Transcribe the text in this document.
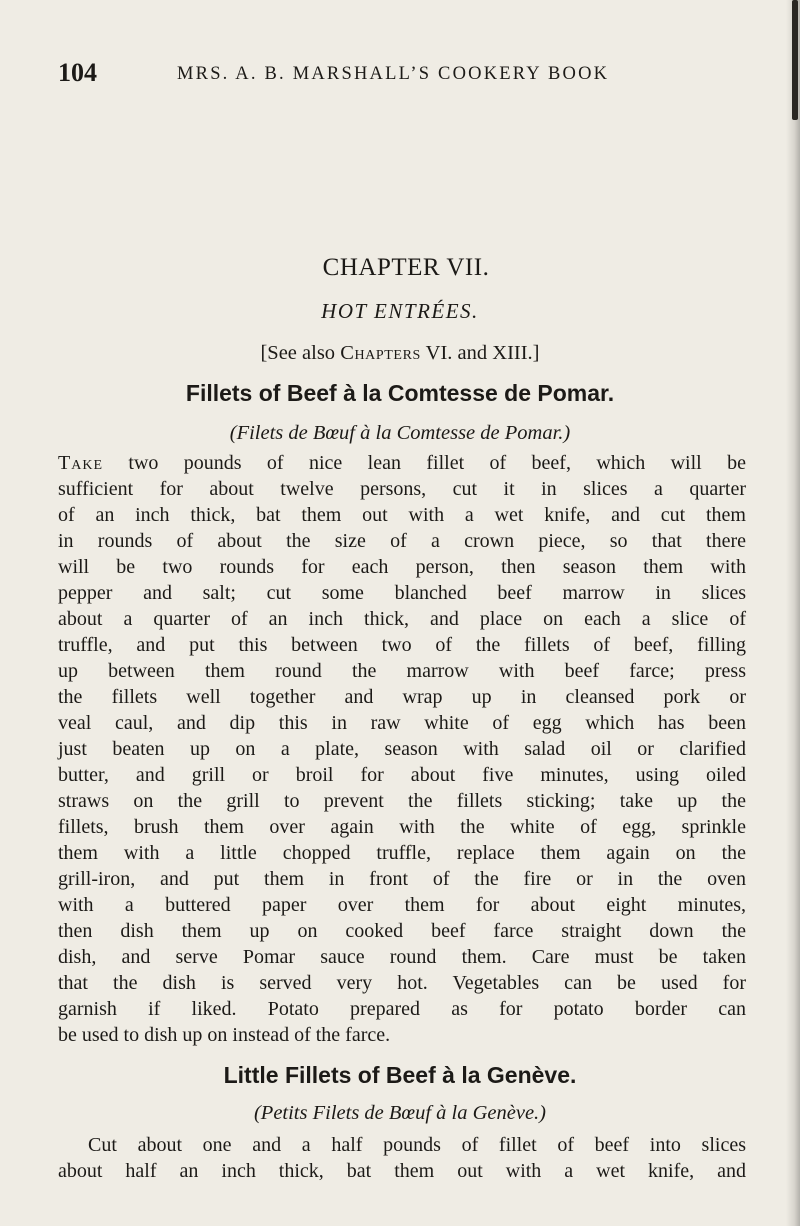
104	MRS. A. B. MARSHALL’S COOKERY BOOK
CHAPTER VII.
HOT ENTRÉES.
[See also Chapters VI. and XIII.]
Fillets of Beef à la Comtesse de Pomar.
(Filets de Bœuf à la Comtesse de Pomar.)
Take two pounds of nice lean fillet of beef, which will be
sufficient for about twelve persons, cut it in slices a quarter
of an inch thick, bat them out with a wet knife, and cut them
in rounds of about the size of a crown piece, so that there
will be two rounds for each person, then season them with
pepper and salt; cut some blanched beef marrow in slices
about a quarter of an inch thick, and place on each a slice of
truffle, and put this between two of the fillets of beef, filling
up between them round the marrow with beef farce; press
the fillets well together and wrap up in cleansed pork or
veal caul, and dip this in raw white of egg which has been
just beaten up on a plate, season with salad oil or clarified
butter, and grill or broil for about five minutes, using oiled
straws on the grill to prevent the fillets sticking; take up the
fillets, brush them over again with the white of egg, sprinkle
them with a little chopped truffle, replace them again on the
grill-iron, and put them in front of the fire or in the oven
with a buttered paper over them for about eight minutes,
then dish them up on cooked beef farce straight down the
dish, and serve Pomar sauce round them. Care must be taken
that the dish is served very hot. Vegetables can be used for
garnish if liked. Potato prepared as for potato border can
be used to dish up on instead of the farce.
Little Fillets of Beef à la Genève.
(Petits Filets de Bœuf à la Genève.)
Cut about one and a half pounds of fillet of beef into slices
about half an inch thick, bat them out with a wet knife, and
